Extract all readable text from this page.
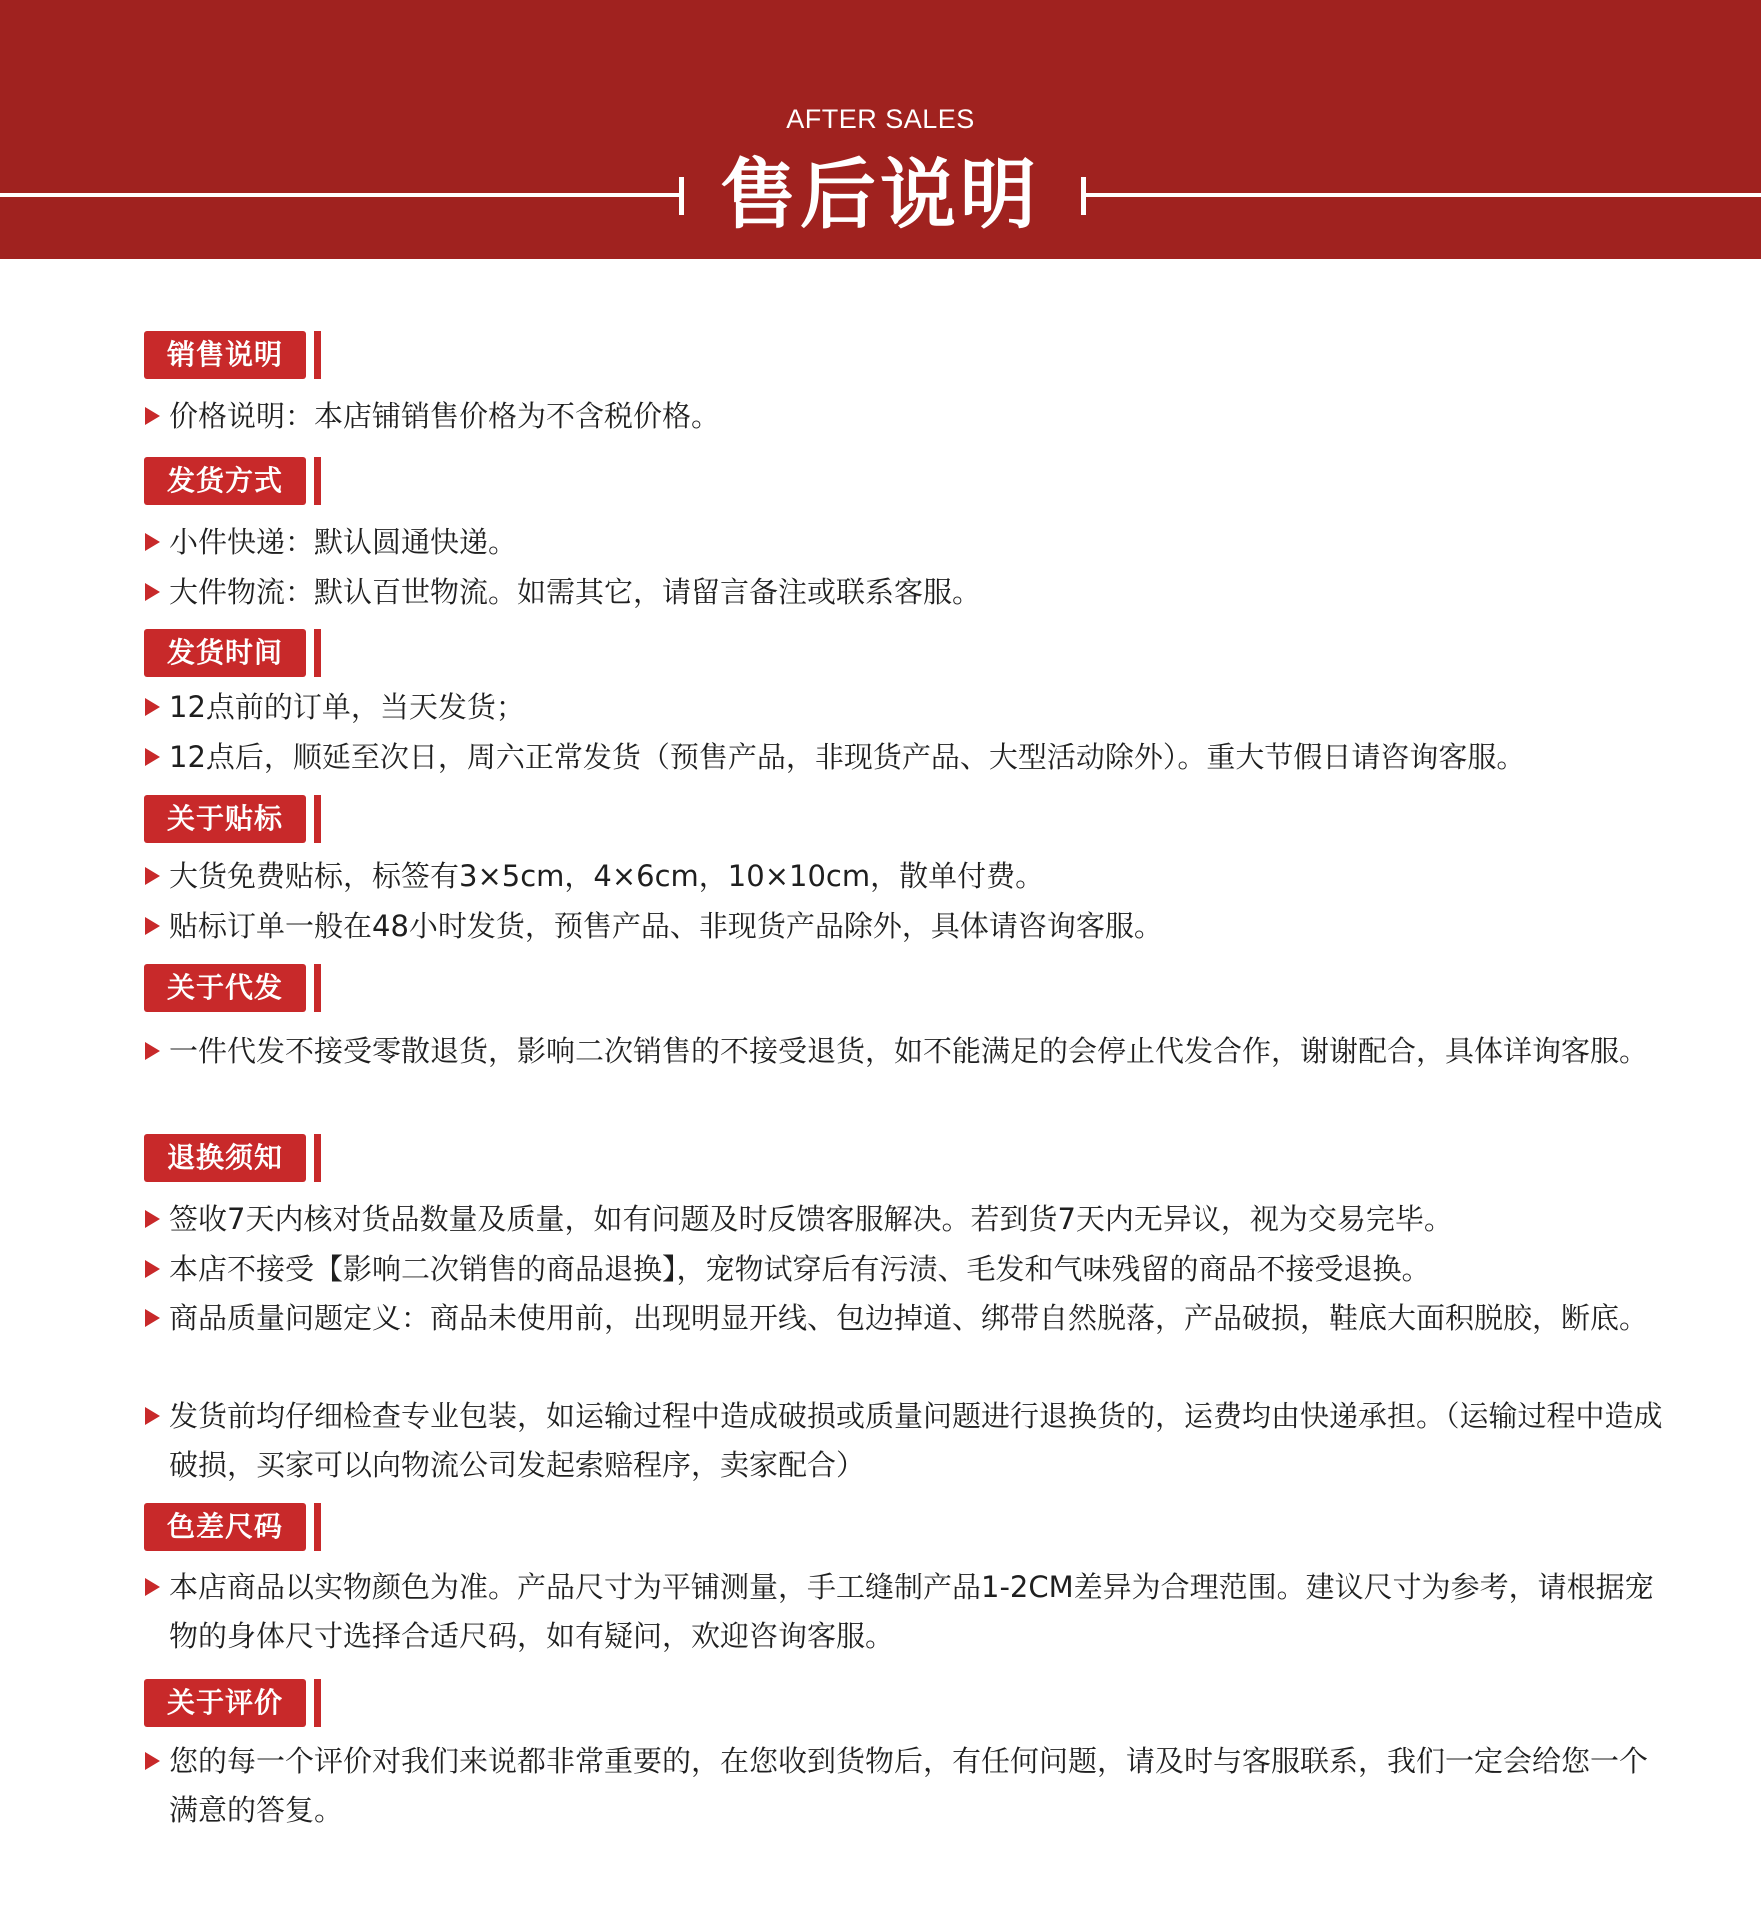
AFTER SALES
售后说明
销售说明
价格说明：本店铺销售价格为不含税价格。
发货方式
小件快递：默认圆通快递。
大件物流：默认百世物流。如需其它，请留言备注或联系客服。
发货时间
12点前的订单，当天发货；
12点后，顺延至次日，周六正常发货（预售产品，非现货产品、大型活动除外）。重大节假日请咨询客服。
关于贴标
大货免费贴标，标签有3×5cm，4×6cm，10×10cm，散单付费。
贴标订单一般在48小时发货，预售产品、非现货产品除外，具体请咨询客服。
关于代发
一件代发不接受零散退货，影响二次销售的不接受退货，如不能满足的会停止代发合作，谢谢配合，具体详询客服。
退换须知
签收7天内核对货品数量及质量，如有问题及时反馈客服解决。若到货7天内无异议，视为交易完毕。
本店不接受【影响二次销售的商品退换】，宠物试穿后有污渍、毛发和气味残留的商品不接受退换。
商品质量问题定义：商品未使用前，出现明显开线、包边掉道、绑带自然脱落，产品破损，鞋底大面积脱胶，断底。
发货前均仔细检查专业包装，如运输过程中造成破损或质量问题进行退换货的，运费均由快递承担。（运输过程中造成破损，买家可以向物流公司发起索赔程序，卖家配合）
色差尺码
本店商品以实物颜色为准。产品尺寸为平铺测量，手工缝制产品1-2CM差异为合理范围。建议尺寸为参考，请根据宠物的身体尺寸选择合适尺码，如有疑问，欢迎咨询客服。
关于评价
您的每一个评价对我们来说都非常重要的，在您收到货物后，有任何问题，请及时与客服联系，我们一定会给您一个满意的答复。
